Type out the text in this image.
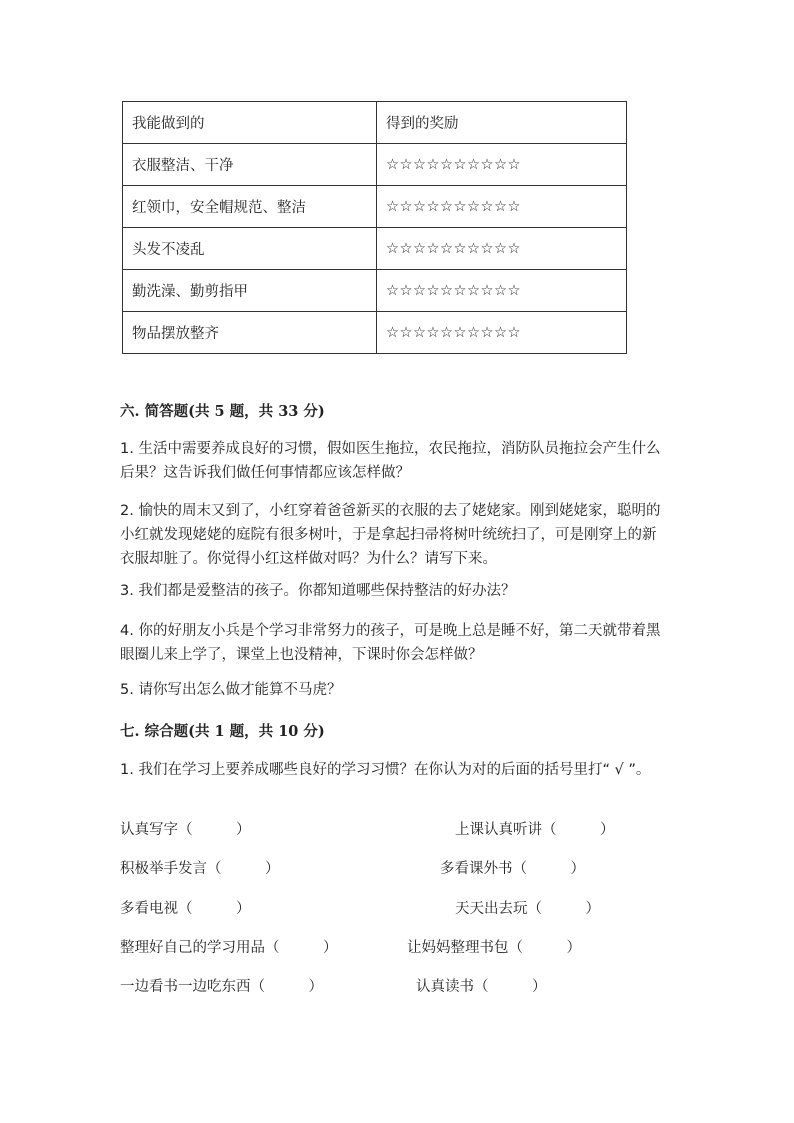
我能做到的	得到的奖励
衣服整洁、干净	☆☆☆☆☆☆☆☆☆☆
红领巾，安全帽规范、整洁	☆☆☆☆☆☆☆☆☆☆
头发不凌乱	☆☆☆☆☆☆☆☆☆☆
勤洗澡、勤剪指甲	☆☆☆☆☆☆☆☆☆☆
物品摆放整齐	☆☆☆☆☆☆☆☆☆☆
六. 简答题(共 5 题，共 33 分)
1. 生活中需要养成良好的习惯，假如医生拖拉，农民拖拉，消防队员拖拉会产生什么后果？这告诉我们做任何事情都应该怎样做？
2. 愉快的周末又到了，小红穿着爸爸新买的衣服的去了姥姥家。刚到姥姥家，聪明的小红就发现姥姥的庭院有很多树叶，于是拿起扫帚将树叶统统扫了，可是刚穿上的新衣服却脏了。你觉得小红这样做对吗？为什么？请写下来。
3. 我们都是爱整洁的孩子。你都知道哪些保持整洁的好办法？
4. 你的好朋友小兵是个学习非常努力的孩子，可是晚上总是睡不好，第二天就带着黑眼圈儿来上学了，课堂上也没精神，下课时你会怎样做？
5. 请你写出怎么做才能算不马虎？
七. 综合题(共 1 题，共 10 分)
1. 我们在学习上要养成哪些良好的学习习惯？在你认为对的后面的括号里打“ √ ”。
认真写字（　　　）	上课认真听讲（　　　）
积极举手发言（　　　）	多看课外书（　　　）
多看电视（　　　）	天天出去玩（　　　）
整理好自己的学习用品（　　　）	让妈妈整理书包（　　　）
一边看书一边吃东西（　　　）	认真读书（　　　）
